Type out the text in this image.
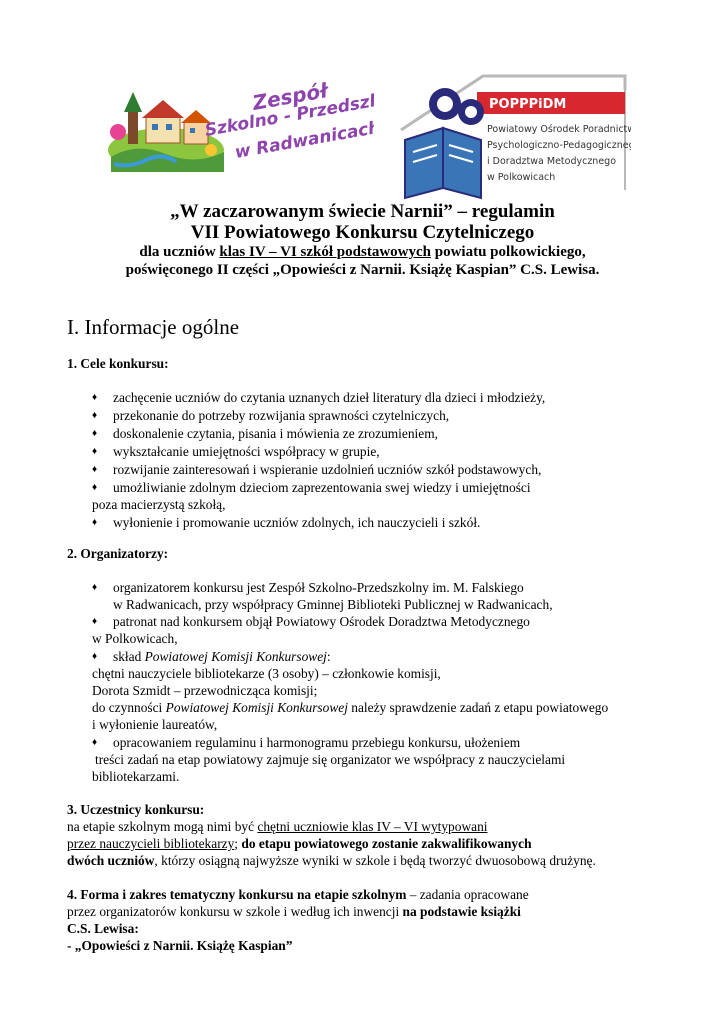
Zespół
Szkolno - Przedszkolny
w Radwanicach
POPPPiDM
Powiatowy Ośrodek Poradnictwa
Psychologiczno-Pedagogicznego
i Doradztwa Metodycznego
w Polkowicach
„W zaczarowanym świecie Narnii” – regulamin
VII Powiatowego Konkursu Czytelniczego
dla uczniów klas IV – VI szkół podstawowych powiatu polkowickiego,
poświęconego II części „Opowieści z Narnii. Książę Kaspian” C.S. Lewisa.
I. Informacje ogólne
1. Cele konkursu:
♦ zachęcenie uczniów do czytania uznanych dzieł literatury dla dzieci i młodzieży,
♦ przekonanie do potrzeby rozwijania sprawności czytelniczych,
♦ doskonalenie czytania, pisania i mówienia ze zrozumieniem,
♦ wykształcanie umiejętności współpracy w grupie,
♦ rozwijanie zainteresowań i wspieranie uzdolnień uczniów szkół podstawowych,
♦ umożliwianie zdolnym dzieciom zaprezentowania swej wiedzy i umiejętności
poza macierzystą szkołą,
♦ wyłonienie i promowanie uczniów zdolnych, ich nauczycieli i szkół.
2. Organizatorzy:
♦ organizatorem konkursu jest Zespół Szkolno-Przedszkolny im. M. Falskiego
w Radwanicach, przy współpracy Gminnej Biblioteki Publicznej w Radwanicach,
♦ patronat nad konkursem objął Powiatowy Ośrodek Doradztwa Metodycznego
w Polkowicach,
♦ skład Powiatowej Komisji Konkursowej:
chętni nauczyciele bibliotekarze (3 osoby) – członkowie komisji,
Dorota Szmidt – przewodnicząca komisji;
do czynności Powiatowej Komisji Konkursowej należy sprawdzenie zadań z etapu powiatowego
i wyłonienie laureatów,
♦ opracowaniem regulaminu i harmonogramu przebiegu konkursu, ułożeniem
treści zadań na etap powiatowy zajmuje się organizator we współpracy z nauczycielami
bibliotekarzami.
3. Uczestnicy konkursu:
na etapie szkolnym mogą nimi być chętni uczniowie klas IV – VI wytypowani
przez nauczycieli bibliotekarzy; do etapu powiatowego zostanie zakwalifikowanych
dwóch uczniów, którzy osiągną najwyższe wyniki w szkole i będą tworzyć dwuosobową drużynę.
4. Forma i zakres tematyczny konkursu na etapie szkolnym – zadania opracowane
przez organizatorów konkursu w szkole i według ich inwencji na podstawie książki
C.S. Lewisa:
- „Opowieści z Narnii. Książę Kaspian”
